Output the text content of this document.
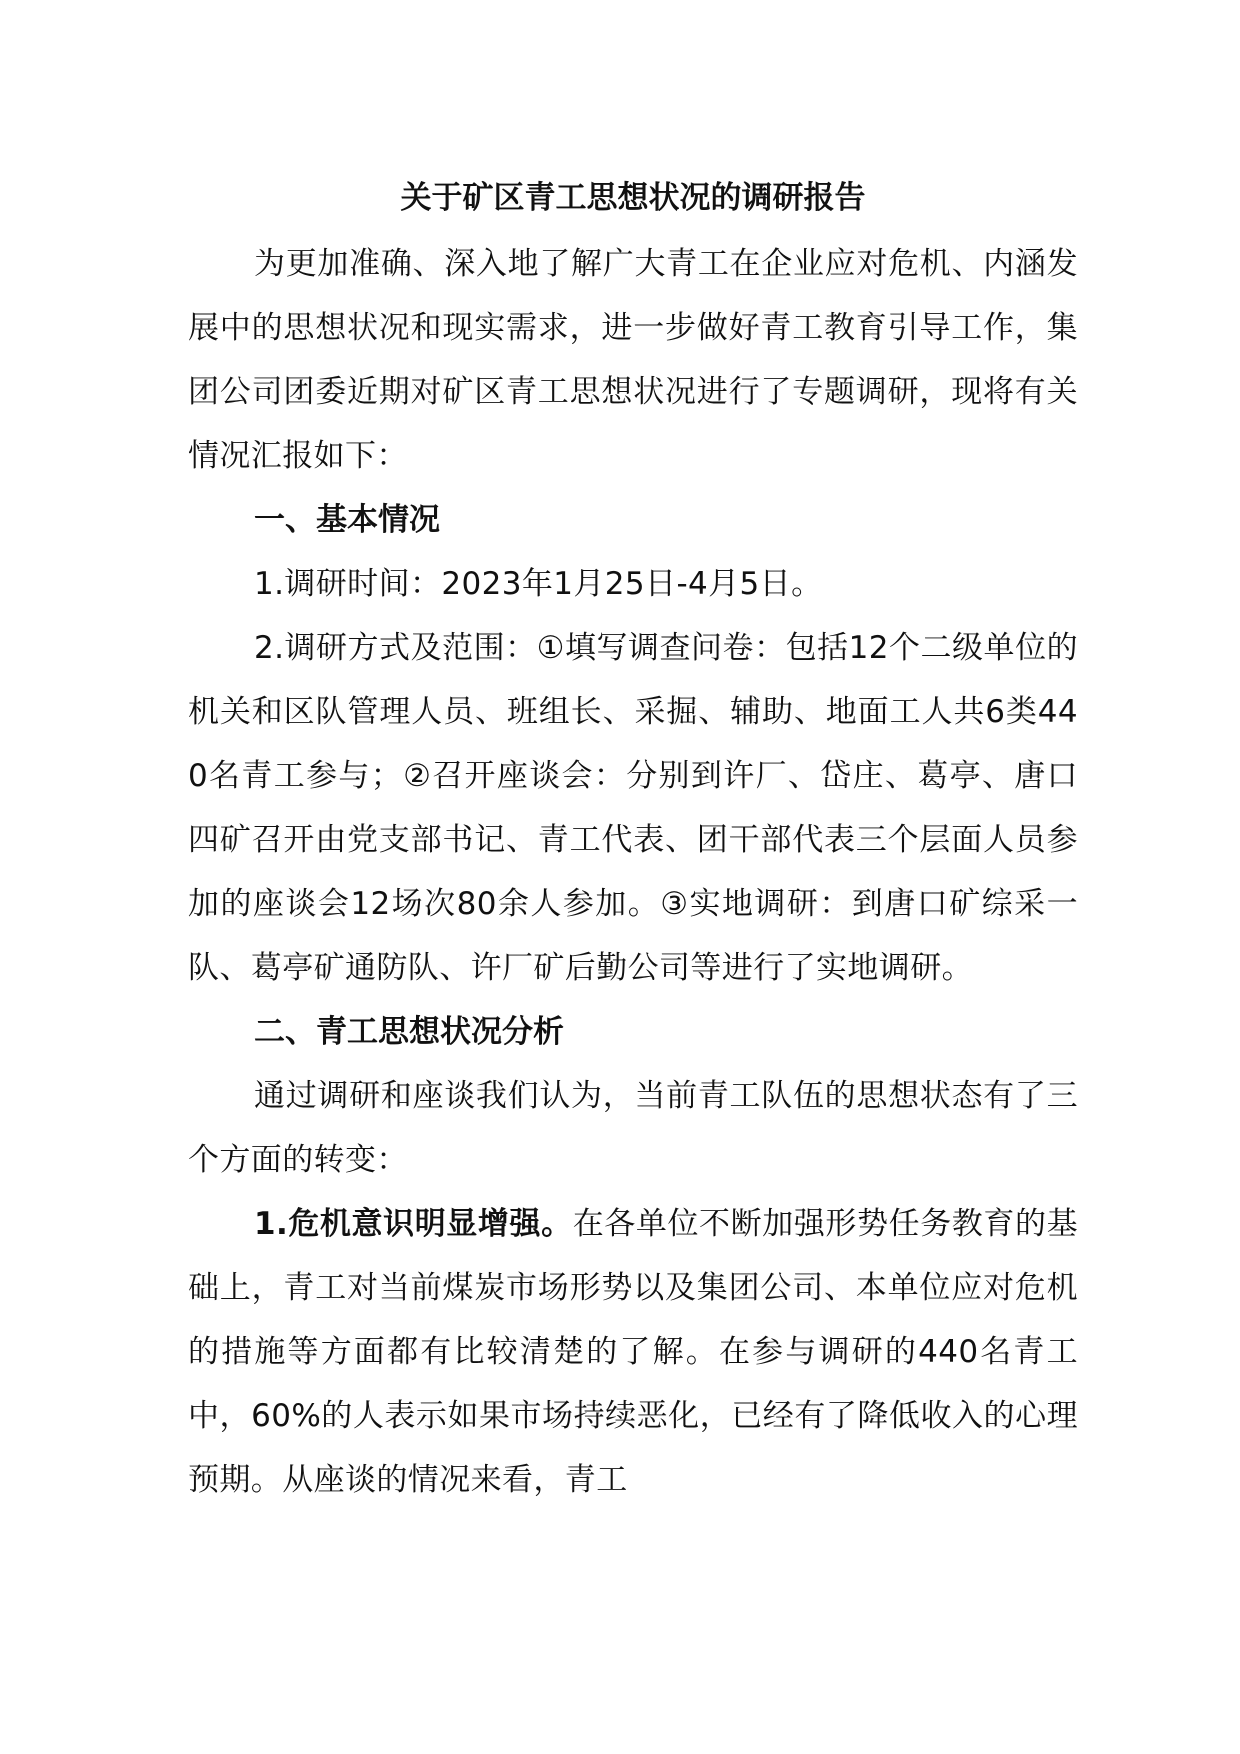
关于矿区青工思想状况的调研报告

为更加准确、深入地了解广大青工在企业应对危机、内涵发展中的思想状况和现实需求，进一步做好青工教育引导工作，集团公司团委近期对矿区青工思想状况进行了专题调研，现将有关情况汇报如下：

一、基本情况

1.调研时间：2023年1月25日-4月5日。

2.调研方式及范围：①填写调查问卷：包括12个二级单位的机关和区队管理人员、班组长、采掘、辅助、地面工人共6类440名青工参与；②召开座谈会：分别到许厂、岱庄、葛亭、唐口四矿召开由党支部书记、青工代表、团干部代表三个层面人员参加的座谈会12场次80余人参加。③实地调研：到唐口矿综采一队、葛亭矿通防队、许厂矿后勤公司等进行了实地调研。

二、青工思想状况分析

通过调研和座谈我们认为，当前青工队伍的思想状态有了三个方面的转变：

1.危机意识明显增强。在各单位不断加强形势任务教育的基础上，青工对当前煤炭市场形势以及集团公司、本单位应对危机的措施等方面都有比较清楚的了解。在参与调研的440名青工中，60%的人表示如果市场持续恶化，已经有了降低收入的心理预期。从座谈的情况来看，青工
